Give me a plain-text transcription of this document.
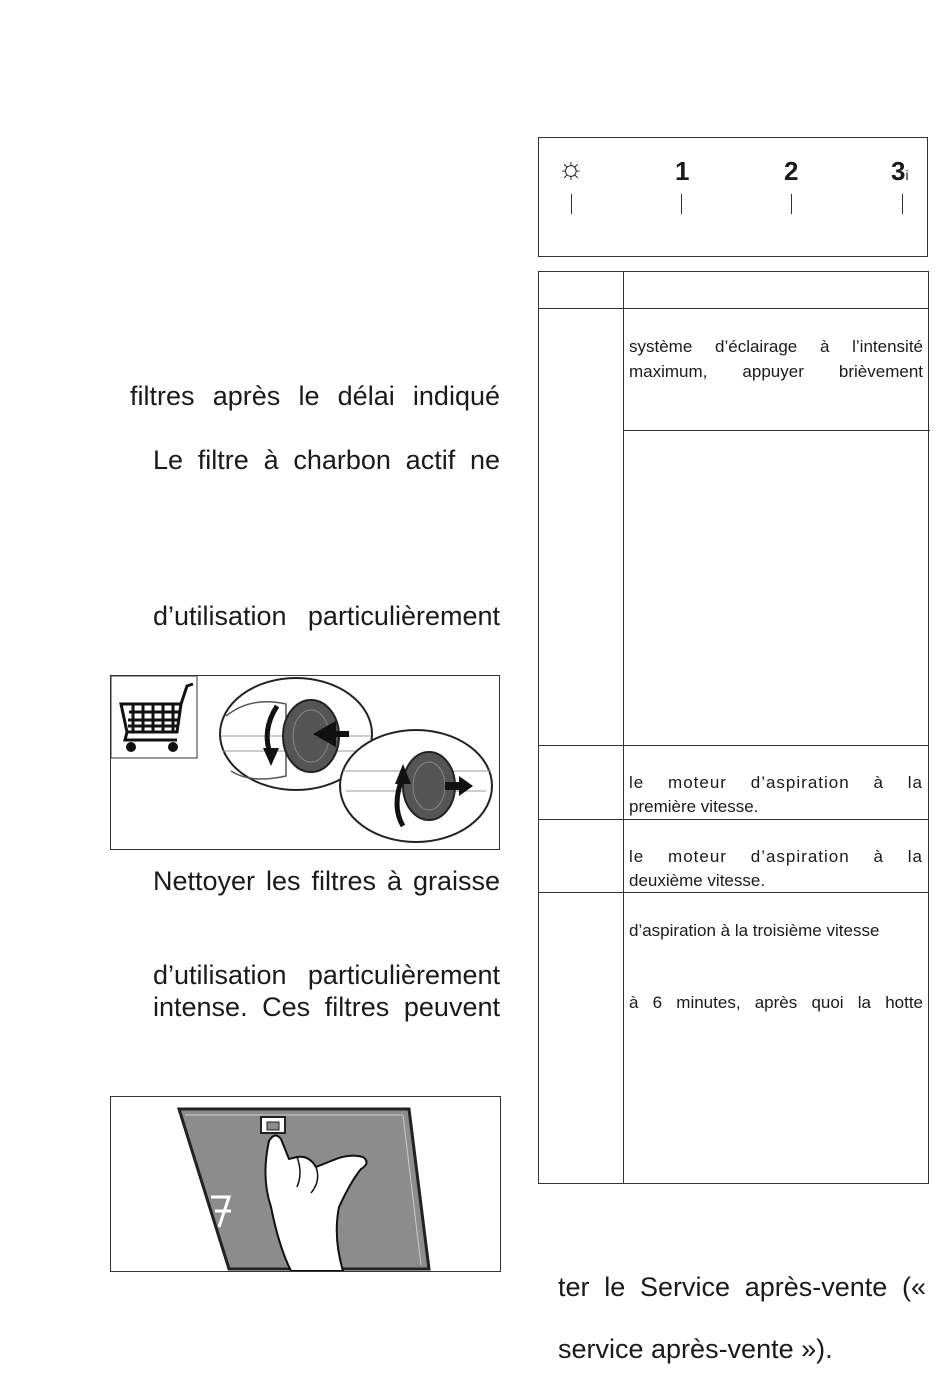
filtres après le délai indiqué
Le filtre à charbon actif ne
d’utilisation particulièrement
Nettoyer les filtres à graisse
d’utilisation particulièrement
intense. Ces filtres peuvent
☼	1	2	3i
système d’éclairage à l’intensité
maximum, appuyer brièvement
le moteur d’aspiration à la
première vitesse.
le moteur d’aspiration à la
deuxième vitesse.
d’aspiration à la troisième vitesse
à 6 minutes, après quoi la hotte
ter le Service après-vente («
service après-vente »).
